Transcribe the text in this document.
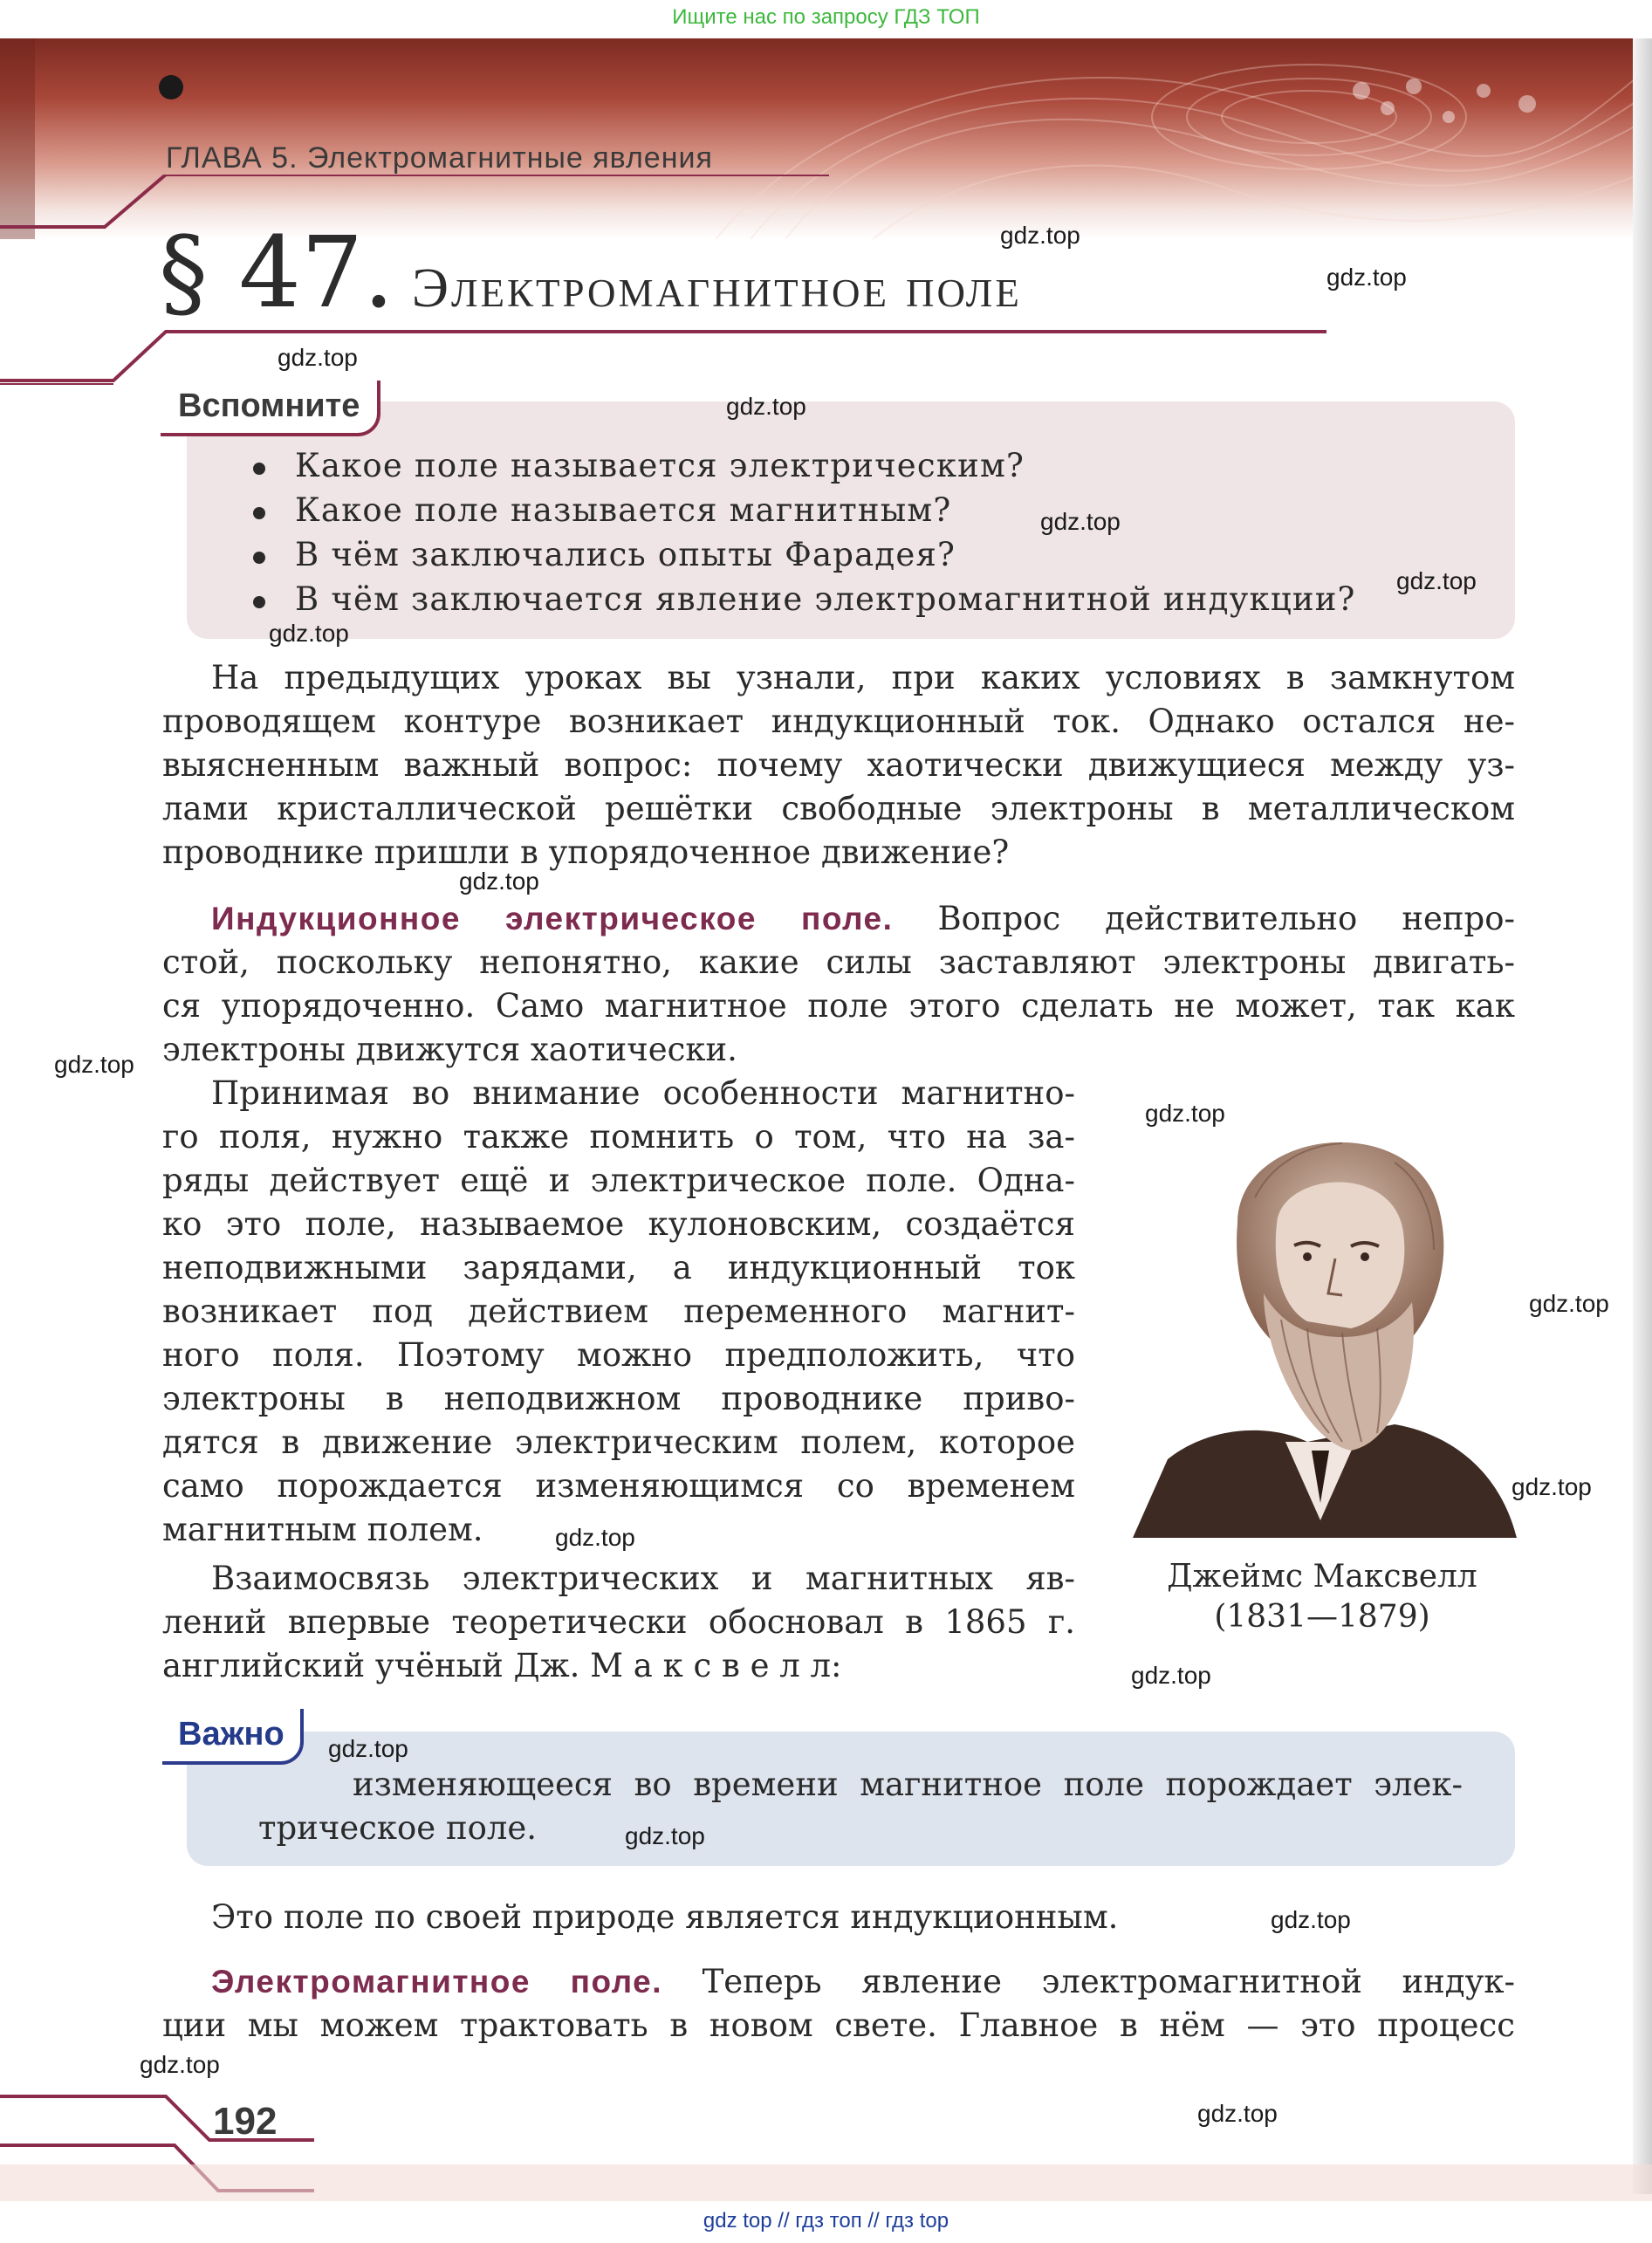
Ищите нас по запросу ГДЗ ТОП
ГЛАВА 5. Электромагнитные явления
§ 47. Электромагнитное поле
Вспомните
Какое поле называется электрическим?
Какое поле называется магнитным?
В чём заключались опыты Фарадея?
В чём заключается явление электромагнитной индукции?
На предыдущих уроках вы узнали, при каких условиях в замкнутом
проводящем контуре возникает индукционный ток. Однако остался не-
выясненным важный вопрос: почему хаотически движущиеся между уз-
лами кристаллической решётки свободные электроны в металлическом
проводнике пришли в упорядоченное движение?
Индукционное электрическое поле. Вопрос действительно непро-
стой, поскольку непонятно, какие силы заставляют электроны двигать-
ся упорядоченно. Само магнитное поле этого сделать не может, так как
электроны движутся хаотически.
Принимая во внимание особенности магнитно-
го поля, нужно также помнить о том, что на за-
ряды действует ещё и электрическое поле. Одна-
ко это поле, называемое кулоновским, создаётся
неподвижными зарядами, а индукционный ток
возникает под действием переменного магнит-
ного поля. Поэтому можно предположить, что
электроны в неподвижном проводнике приво-
дятся в движение электрическим полем, которое
само порождается изменяющимся со временем
магнитным полем.
Взаимосвязь электрических и магнитных яв-
лений впервые теоретически обосновал в 1865 г.
английский учёный Дж. М а к с в е л л:
Джеймс Максвелл
(1831—1879)
Важно
изменяющееся во времени магнитное поле порождает элек-
трическое поле.
Это поле по своей природе является индукционным.
Электромагнитное поле. Теперь явление электромагнитной индук-
ции мы можем трактовать в новом свете. Главное в нём — это процесс
192
gdz top // гдз топ // гдз top
gdz.top
gdz.top
gdz.top
gdz.top
gdz.top
gdz.top
gdz.top
gdz.top
gdz.top
gdz.top
gdz.top
gdz.top
gdz.top
gdz.top
gdz.top
gdz.top
gdz.top
gdz.top
gdz.top
